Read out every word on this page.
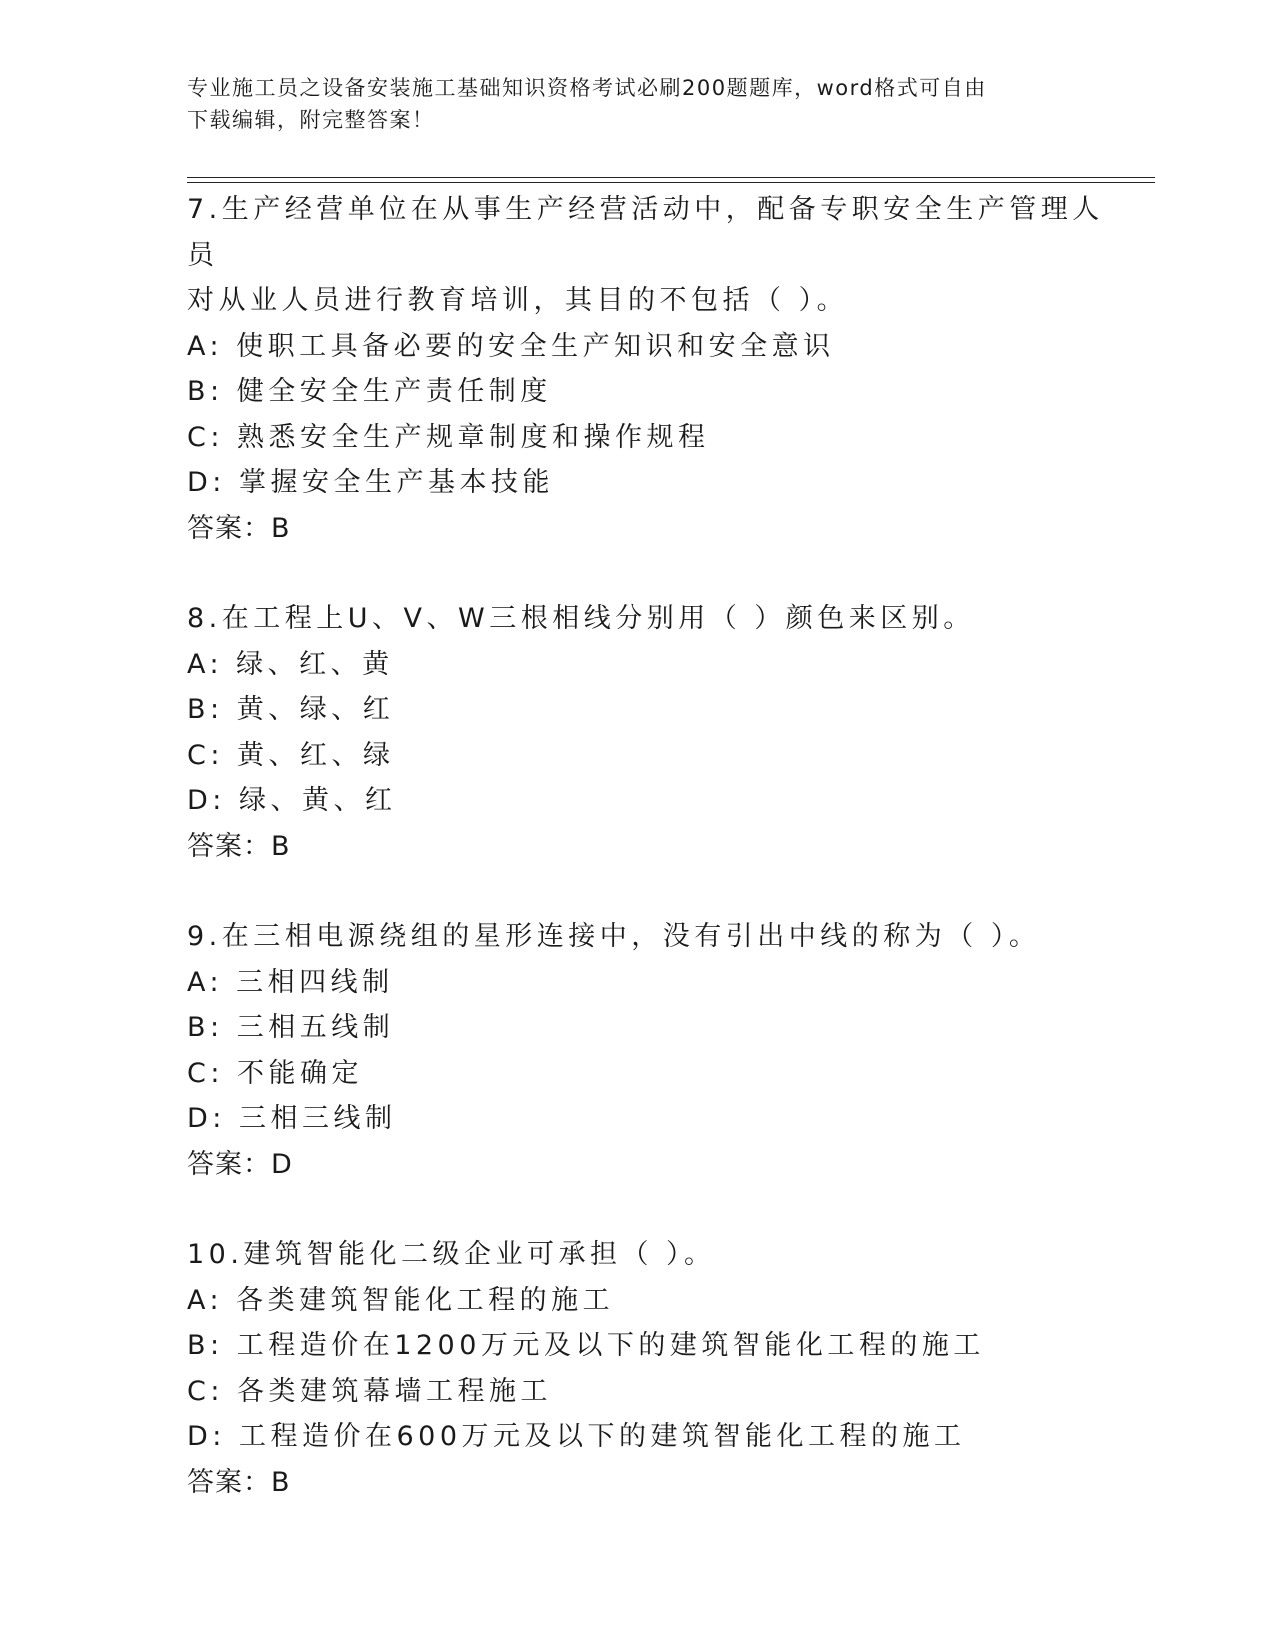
专业施工员之设备安装施工基础知识资格考试必刷200题题库，word格式可自由
下载编辑，附完整答案！
7.生产经营单位在从事生产经营活动中，配备专职安全生产管理人员
对从业人员进行教育培训，其目的不包括（ ）。
A: 使职工具备必要的安全生产知识和安全意识
B: 健全安全生产责任制度
C: 熟悉安全生产规章制度和操作规程
D: 掌握安全生产基本技能
答案：B
8.在工程上U、V、W三根相线分别用（ ）颜色来区别。
A: 绿、红、黄
B: 黄、绿、红
C: 黄、红、绿
D: 绿、黄、红
答案：B
9.在三相电源绕组的星形连接中，没有引出中线的称为（ ）。
A: 三相四线制
B: 三相五线制
C: 不能确定
D: 三相三线制
答案：D
10.建筑智能化二级企业可承担（ ）。
A: 各类建筑智能化工程的施工
B: 工程造价在1200万元及以下的建筑智能化工程的施工
C: 各类建筑幕墙工程施工
D: 工程造价在600万元及以下的建筑智能化工程的施工
答案：B
